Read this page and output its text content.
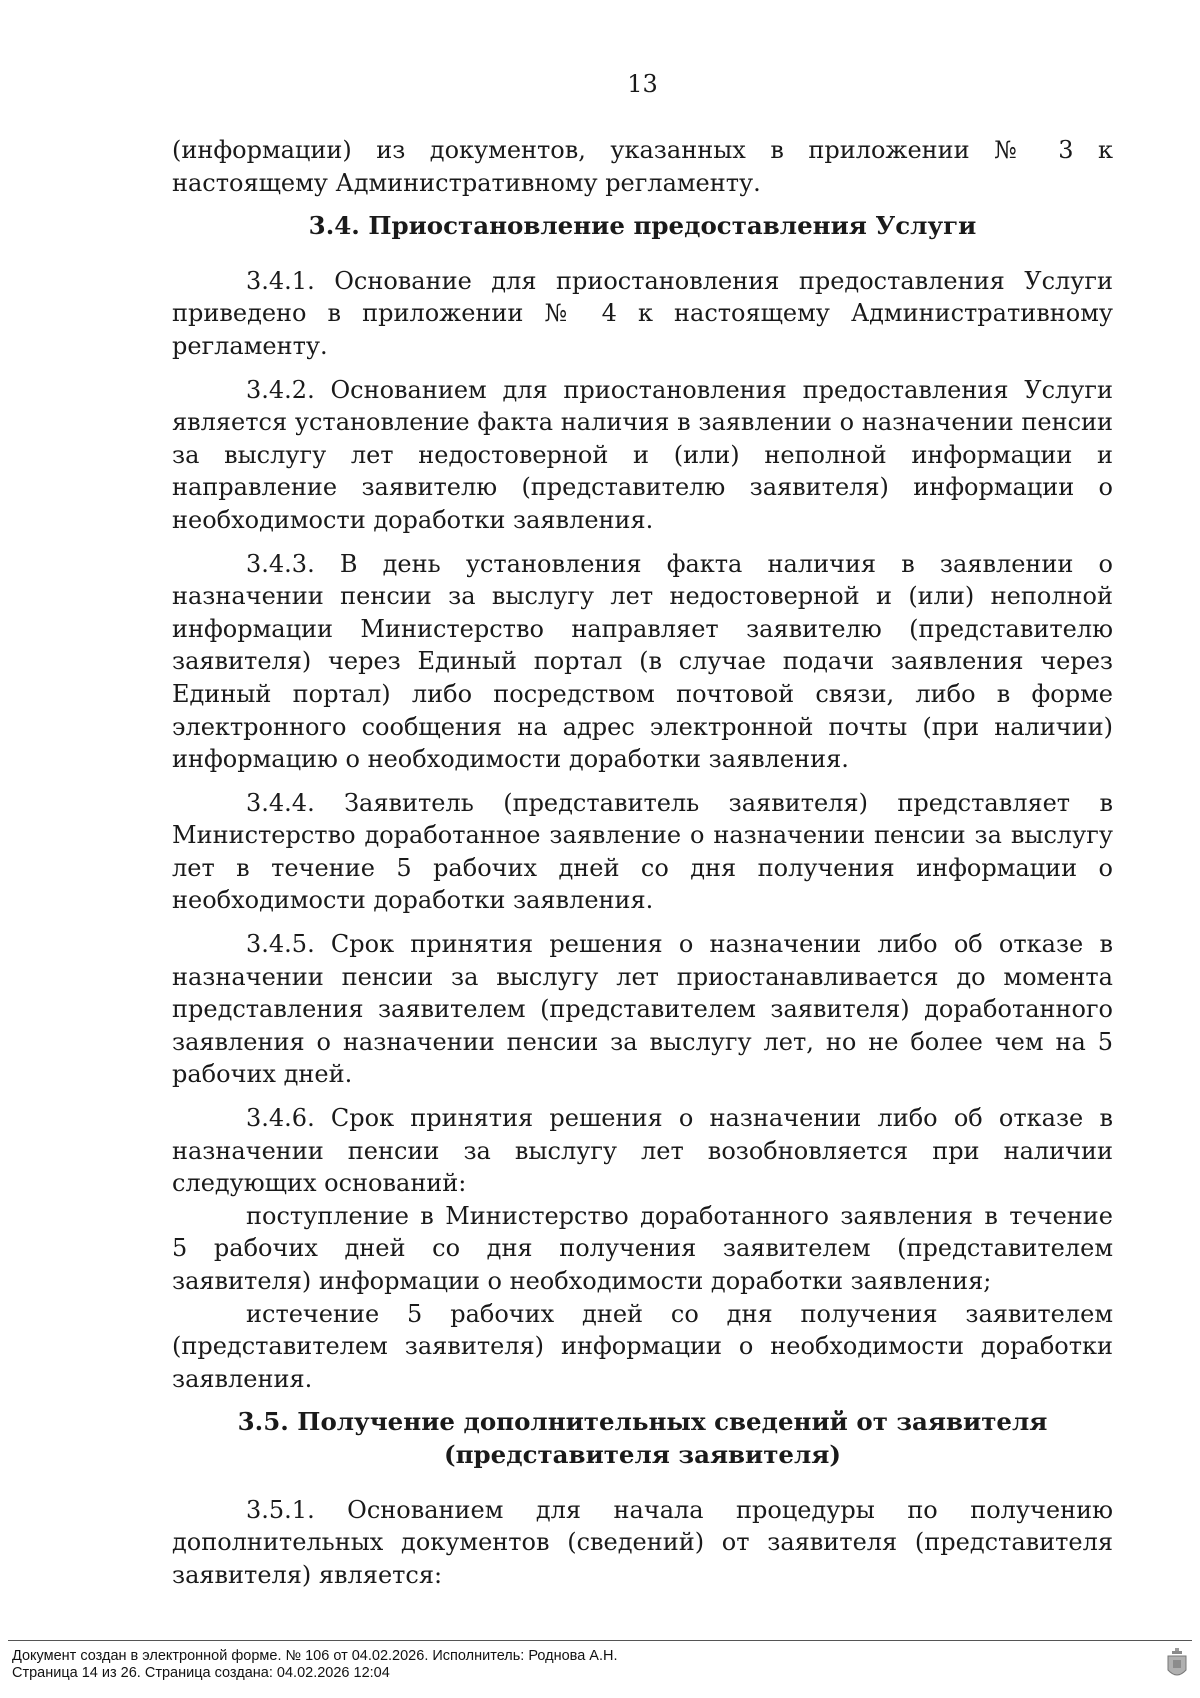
13

(информации) из документов, указанных в приложении № 3 к настоящему Административному регламенту.

3.4. Приостановление предоставления Услуги

3.4.1. Основание для приостановления предоставления Услуги приведено в приложении № 4 к настоящему Административному регламенту.

3.4.2. Основанием для приостановления предоставления Услуги является установление факта наличия в заявлении о назначении пенсии за выслугу лет недостоверной и (или) неполной информации и направление заявителю (представителю заявителя) информации о необходимости доработки заявления.

3.4.3. В день установления факта наличия в заявлении о назначении пенсии за выслугу лет недостоверной и (или) неполной информации Министерство направляет заявителю (представителю заявителя) через Единый портал (в случае подачи заявления через Единый портал) либо посредством почтовой связи, либо в форме электронного сообщения на адрес электронной почты (при наличии) информацию о необходимости доработки заявления.

3.4.4. Заявитель (представитель заявителя) представляет в Министерство доработанное заявление о назначении пенсии за выслугу лет в течение 5 рабочих дней со дня получения информации о необходимости доработки заявления.

3.4.5. Срок принятия решения о назначении либо об отказе в назначении пенсии за выслугу лет приостанавливается до момента представления заявителем (представителем заявителя) доработанного заявления о назначении пенсии за выслугу лет, но не более чем на 5 рабочих дней.

3.4.6. Срок принятия решения о назначении либо об отказе в назначении пенсии за выслугу лет возобновляется при наличии следующих оснований:

поступление в Министерство доработанного заявления в течение 5 рабочих дней со дня получения заявителем (представителем заявителя) информации о необходимости доработки заявления;

истечение 5 рабочих дней со дня получения заявителем (представителем заявителя) информации о необходимости доработки заявления.

3.5. Получение дополнительных сведений от заявителя (представителя заявителя)

3.5.1. Основанием для начала процедуры по получению дополнительных документов (сведений) от заявителя (представителя заявителя) является:

Документ создан в электронной форме. № 106 от 04.02.2026. Исполнитель: Роднова А.Н.
Страница 14 из 26. Страница создана: 04.02.2026 12:04
